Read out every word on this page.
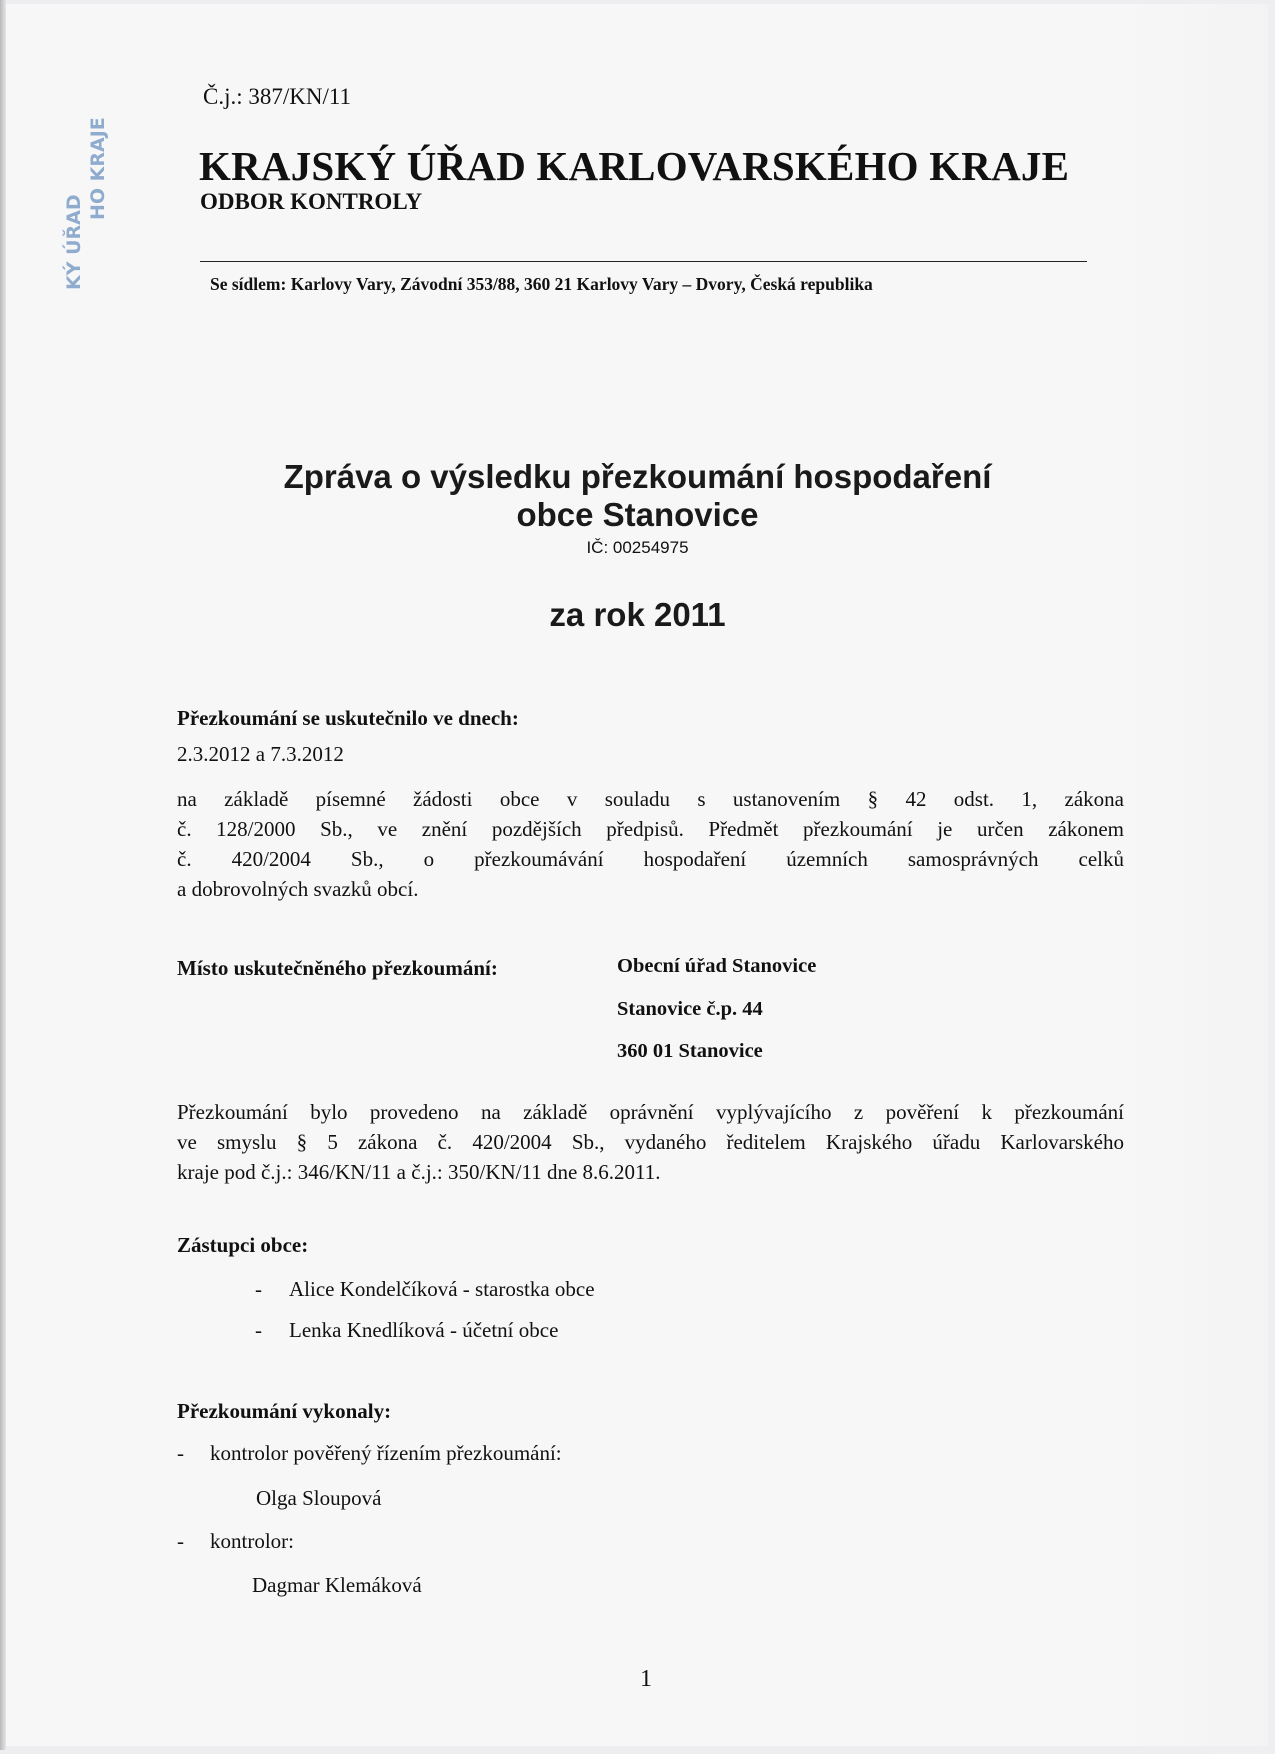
KÝ ÚŘAD
HO KRAJE
Č.j.: 387/KN/11
KRAJSKÝ ÚŘAD KARLOVARSKÉHO KRAJE
ODBOR KONTROLY
Se sídlem: Karlovy Vary, Závodní 353/88, 360 21 Karlovy Vary – Dvory, Česká republika
Zpráva o výsledku přezkoumání hospodaření
obce Stanovice
IČ: 00254975
za rok 2011
Přezkoumání se uskutečnilo ve dnech:
2.3.2012 a 7.3.2012
na základě písemné žádosti obce v souladu s ustanovením § 42 odst. 1, zákona
č. 128/2000 Sb., ve znění pozdějších předpisů. Předmět přezkoumání je určen zákonem
č. 420/2004 Sb., o přezkoumávání hospodaření územních samosprávných celků
a dobrovolných svazků obcí.
Místo uskutečněného přezkoumání:	Obecní úřad Stanovice
Stanovice č.p. 44
360 01 Stanovice
Přezkoumání bylo provedeno na základě oprávnění vyplývajícího z pověření k přezkoumání
ve smyslu § 5 zákona č. 420/2004 Sb., vydaného ředitelem Krajského úřadu Karlovarského
kraje pod č.j.: 346/KN/11 a č.j.: 350/KN/11 dne 8.6.2011.
Zástupci obce:
- Alice Kondelčíková - starostka obce
- Lenka Knedlíková - účetní obce
Přezkoumání vykonaly:
- kontrolor pověřený řízením přezkoumání:
Olga Sloupová
- kontrolor:
Dagmar Klemáková
1
